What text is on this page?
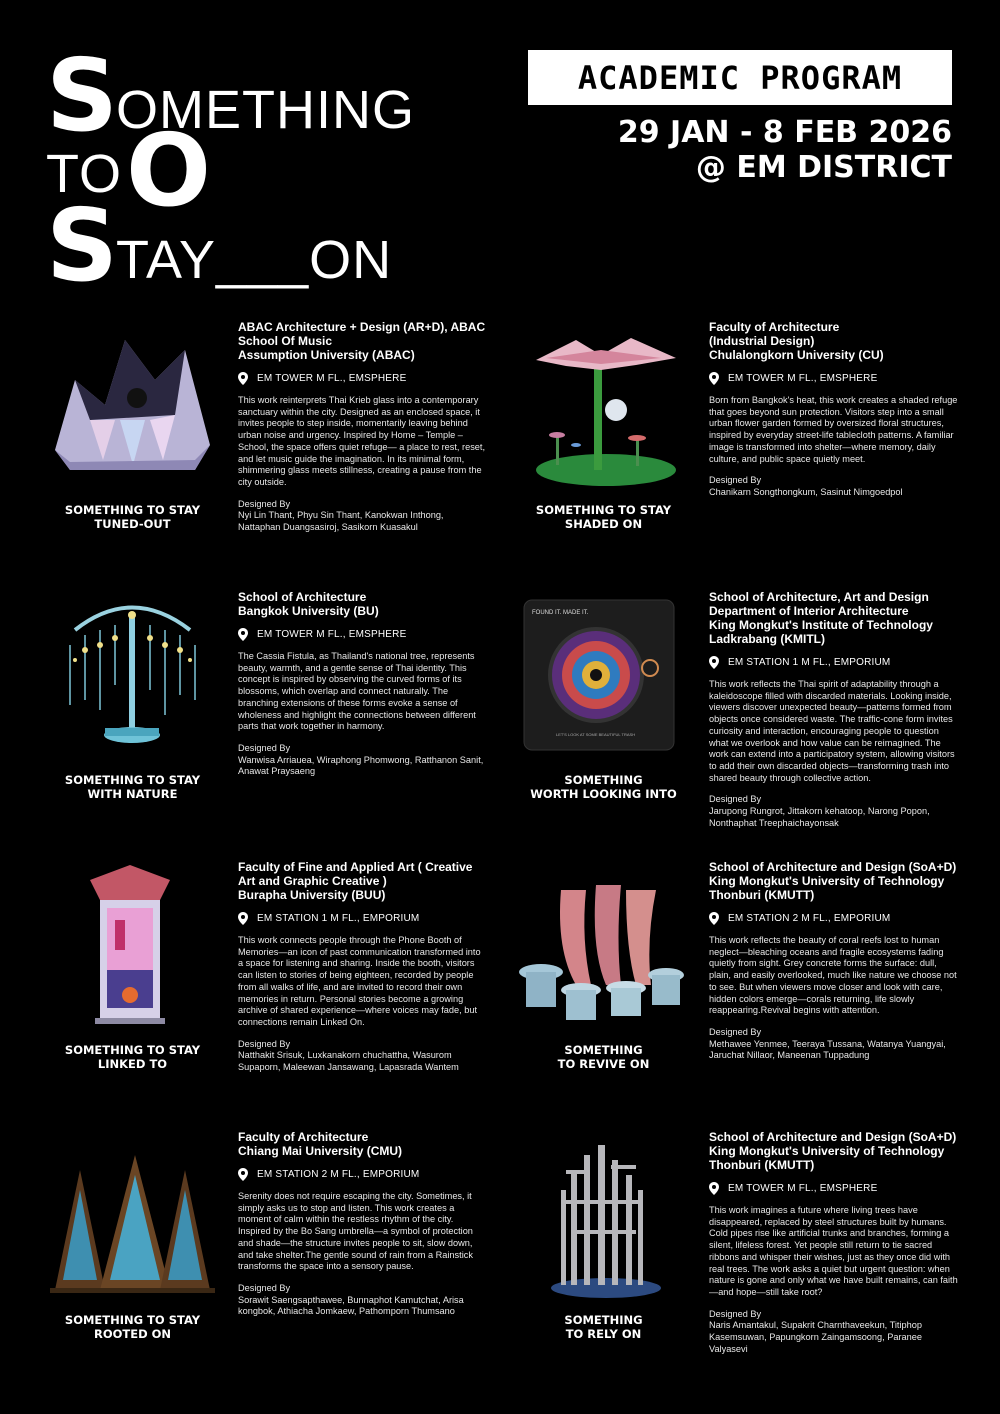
S OMETHING
TO O
S TAY___ON
ACADEMIC PROGRAM
29 JAN - 8 FEB 2026
@ EM DISTRICT
SOMETHING TO STAY
TUNED-OUT
ABAC Architecture + Design (AR+D), ABAC
School Of Music
Assumption University (ABAC)
EM TOWER M FL., EMSPHERE
This work reinterprets Thai Krieb glass into a contemporary sanctuary within the city. Designed as an enclosed space, it invites people to step inside, momentarily leaving behind urban noise and urgency. Inspired by Home – Temple – School, the space offers quiet refuge— a place to rest, reset, and let music guide the imagination. In its minimal form, shimmering glass meets stillness, creating a pause from the city outside.
Designed By
Nyi Lin Thant, Phyu Sin Thant, Kanokwan Inthong, Nattaphan Duangsasiroj, Sasikorn Kuasakul
SOMETHING TO STAY
SHADED ON
Faculty of Architecture
(Industrial Design)
Chulalongkorn University (CU)
EM TOWER M FL., EMSPHERE
Born from Bangkok's heat, this work creates a shaded refuge that goes beyond sun protection. Visitors step into a small urban flower garden formed by oversized floral structures, inspired by everyday street-life tablecloth patterns. A familiar image is transformed into shelter—where memory, daily culture, and public space quietly meet.
Designed By
Chanikarn Songthongkum, Sasinut Nimgoedpol
SOMETHING TO STAY
WITH NATURE
School of Architecture
Bangkok University (BU)
EM TOWER M FL., EMSPHERE
The Cassia Fistula, as Thailand's national tree, represents beauty, warmth, and a gentle sense of Thai identity. This concept is inspired by observing the curved forms of its blossoms, which overlap and connect naturally. The branching extensions of these forms evoke a sense of wholeness and highlight the connections between different parts that work together in harmony.
Designed By
Wanwisa Arriauea, Wiraphong Phomwong, Ratthanon Sanit, Anawat Praysaeng
FOUND IT. MADE IT.
LET'S LOOK AT SOME BEAUTIFUL TRASH
SOMETHING
WORTH LOOKING INTO
School of Architecture, Art and Design
Department of Interior Architecture
King Mongkut's Institute of Technology
Ladkrabang (KMITL)
EM STATION 1 M FL., EMPORIUM
This work reflects the Thai spirit of adaptability through a kaleidoscope filled with discarded materials. Looking inside, viewers discover unexpected beauty—patterns formed from objects once considered waste. The traffic-cone form invites curiosity and interaction, encouraging people to question what we overlook and how value can be reimagined. The work can extend into a participatory system, allowing visitors to add their own discarded objects—transforming trash into shared beauty through collective action.
Designed By
Jarupong Rungrot, Jittakorn kehatoop, Narong Popon, Nonthaphat Treephaichayonsak
SOMETHING TO STAY
LINKED TO
Faculty of Fine and Applied Art ( Creative
Art and Graphic Creative )
Burapha University (BUU)
EM STATION 1 M FL., EMPORIUM
This work connects people through the Phone Booth of Memories—an icon of past communication transformed into a space for listening and sharing. Inside the booth, visitors can listen to stories of being eighteen, recorded by people from all walks of life, and are invited to record their own memories in return. Personal stories become a growing archive of shared experience—where voices may fade, but connections remain Linked On.
Designed By
Natthakit Srisuk, Luxkanakorn chuchattha, Wasurom Supaporn, Maleewan Jansawang, Lapasrada Wantem
SOMETHING
TO REVIVE ON
School of Architecture and Design (SoA+D)
King Mongkut's University of Technology
Thonburi (KMUTT)
EM STATION 2 M FL., EMPORIUM
This work reflects the beauty of coral reefs lost to human neglect—bleaching oceans and fragile ecosystems fading quietly from sight. Grey concrete forms the surface: dull, plain, and easily overlooked, much like nature we choose not to see. But when viewers move closer and look with care, hidden colors emerge—corals returning, life slowly reappearing.Revival begins with attention.
Designed By
Methawee Yenmee, Teeraya Tussana, Watanya Yuangyai, Jaruchat Nillaor, Maneenan Tuppadung
SOMETHING TO STAY
ROOTED ON
Faculty of Architecture
Chiang Mai University (CMU)
EM STATION 2 M FL., EMPORIUM
Serenity does not require escaping the city. Sometimes, it simply asks us to stop and listen. This work creates a moment of calm within the restless rhythm of the city. Inspired by the Bo Sang umbrella—a symbol of protection and shade—the structure invites people to sit, slow down, and take shelter.The gentle sound of rain from a Rainstick transforms the space into a sensory pause.
Designed By
Sorawit Saengsapthawee, Bunnaphot Kamutchat, Arisa kongbok, Athiacha Jomkaew, Pathomporn Thumsano
SOMETHING
TO RELY ON
School of Architecture and Design (SoA+D)
King Mongkut's University of Technology
Thonburi (KMUTT)
EM TOWER M FL., EMSPHERE
This work imagines a future where living trees have disappeared, replaced by steel structures built by humans. Cold pipes rise like artificial trunks and branches, forming a silent, lifeless forest. Yet people still return to tie sacred ribbons and whisper their wishes, just as they once did with real trees. The work asks a quiet but urgent question: when nature is gone and only what we have built remains, can faith—and hope—still take root?
Designed By
Naris Amantakul, Supakrit Charnthaveekun, Titiphop Kasemsuwan, Papungkorn Zaingamsoong, Paranee Valyasevi
